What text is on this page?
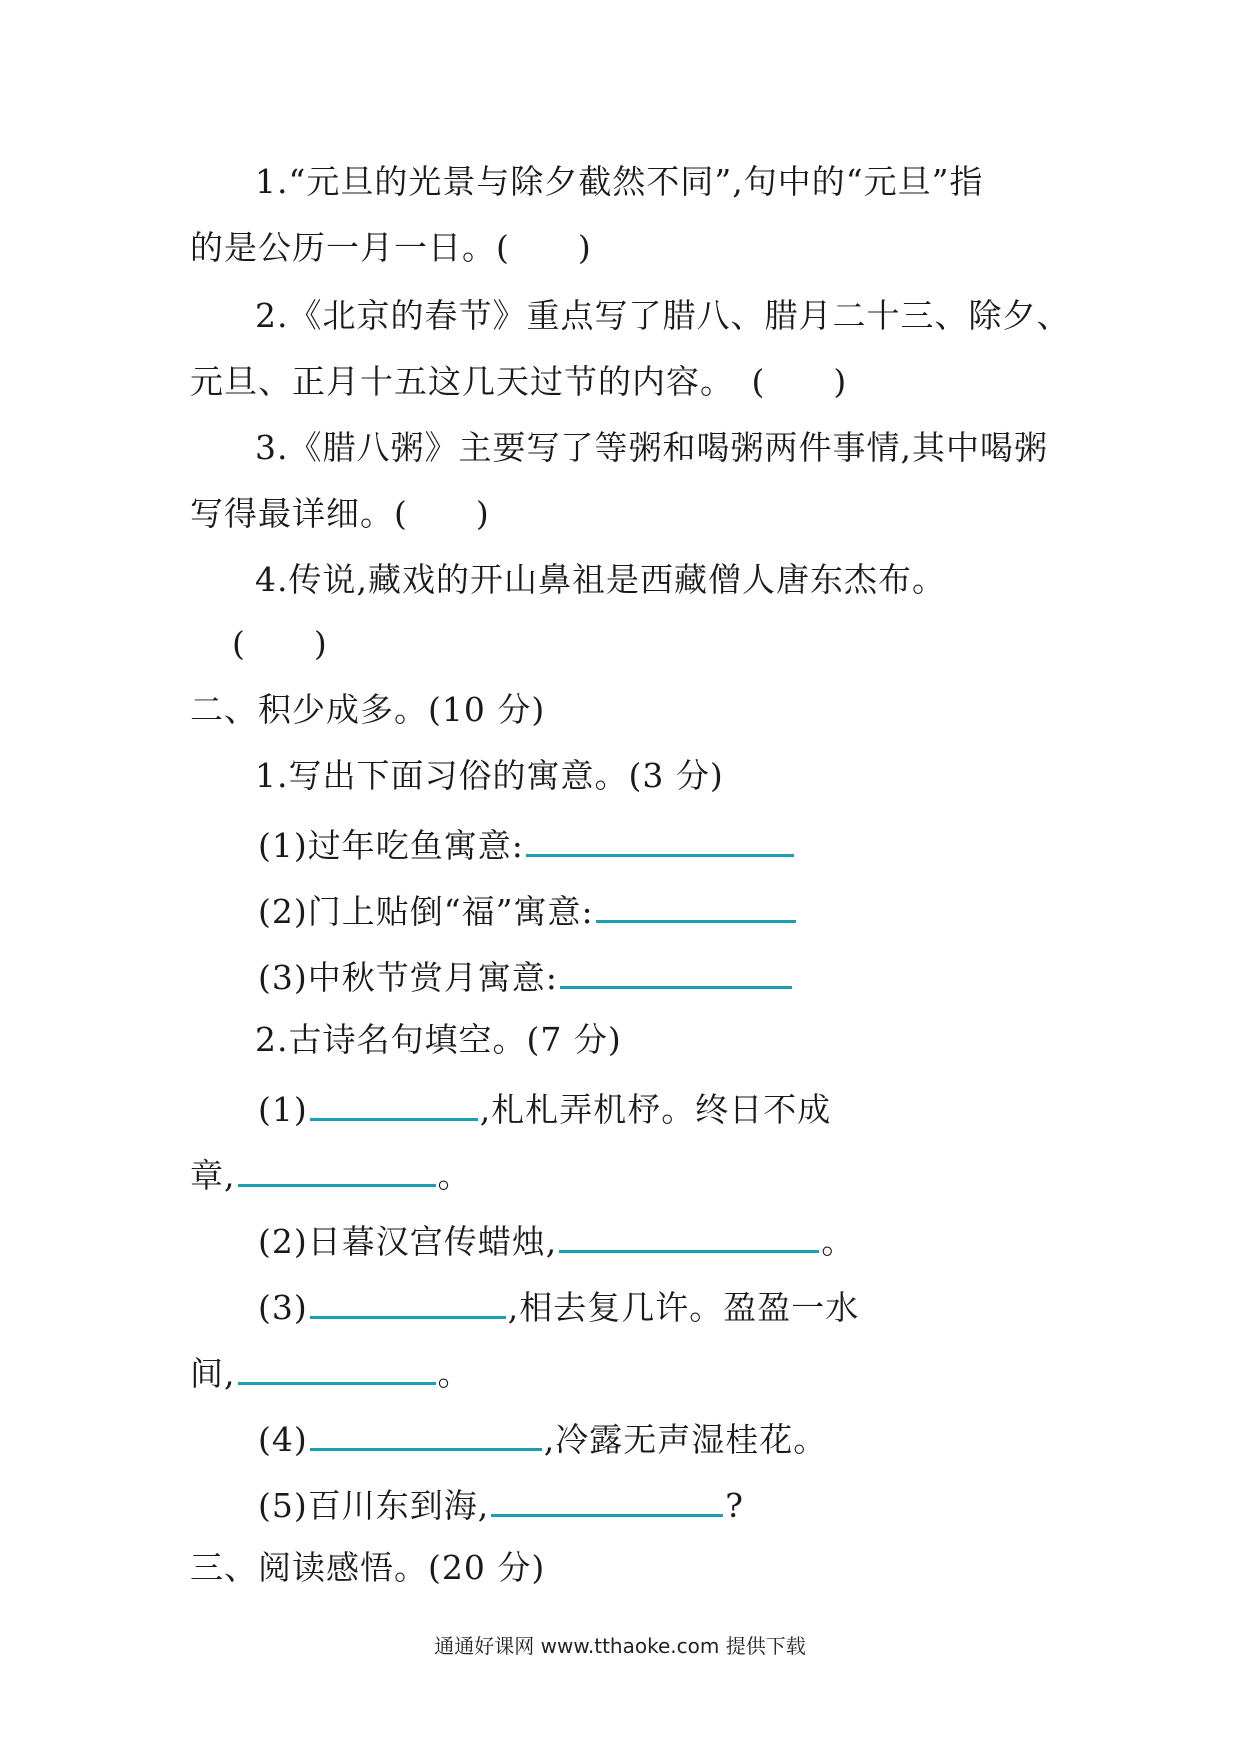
1.“元旦的光景与除夕截然不同”,句中的“元旦”指
的是公历一月一日。(　　)
2.《北京的春节》重点写了腊八、腊月二十三、除夕、
元旦、正月十五这几天过节的内容。　(　　)
3.《腊八粥》主要写了等粥和喝粥两件事情,其中喝粥
写得最详细。(　　)
4.传说,藏戏的开山鼻祖是西藏僧人唐东杰布。
(　　)
二、积少成多。(10 分)
1.写出下面习俗的寓意。(3 分)
(1)过年吃鱼寓意:
(2)门上贴倒“福”寓意:
(3)中秋节赏月寓意:
2.古诗名句填空。(7 分)
(1)	,札札弄机杼。终日不成
章,	。
(2)日暮汉宫传蜡烛,	。
(3)	,相去复几许。盈盈一水
间,	。
(4)	,冷露无声湿桂花。
(5)百川东到海,	?
三、阅读感悟。(20 分)
通通好课网 www.tthaoke.com 提供下载
